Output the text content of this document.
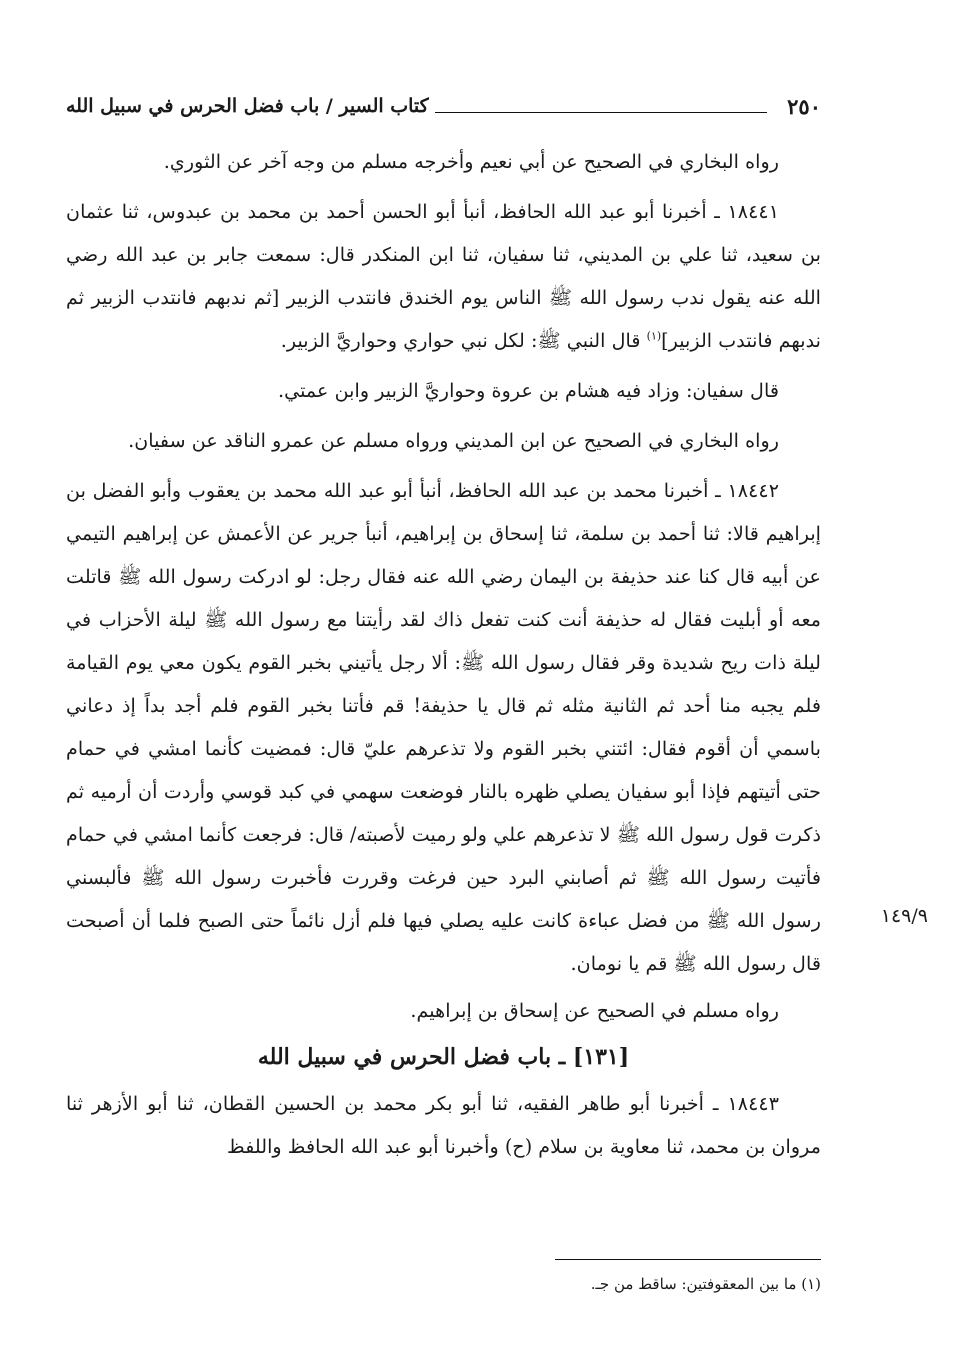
٢٥٠
كتاب السير / باب فضل الحرس في سبيل الله

رواه البخاري في الصحيح عن أبي نعيم وأخرجه مسلم من وجه آخر عن الثوري.

١٨٤٤١ ـ أخبرنا أبو عبد الله الحافظ، أنبأ أبو الحسن أحمد بن محمد بن عبدوس، ثنا عثمان بن سعيد، ثنا علي بن المديني، ثنا سفيان، ثنا ابن المنكدر قال: سمعت جابر بن عبد الله رضي الله عنه يقول ندب رسول الله ﷺ الناس يوم الخندق فانتدب الزبير [ثم ندبهم فانتدب الزبير ثم ندبهم فانتدب الزبير]$^{(١)}$ قال النبي ﷺ: لكل نبي حواري وحواريَّ الزبير.

قال سفيان: وزاد فيه هشام بن عروة وحواريَّ الزبير وابن عمتي.

رواه البخاري في الصحيح عن ابن المديني ورواه مسلم عن عمرو الناقد عن سفيان.

١٨٤٤٢ ـ أخبرنا محمد بن عبد الله الحافظ، أنبأ أبو عبد الله محمد بن يعقوب وأبو الفضل بن إبراهيم قالا: ثنا أحمد بن سلمة، ثنا إسحاق بن إبراهيم، أنبأ جرير عن الأعمش عن إبراهيم التيمي عن أبيه قال كنا عند حذيفة بن اليمان رضي الله عنه فقال رجل: لو ادركت رسول الله ﷺ قاتلت معه أو أبليت فقال له حذيفة أنت كنت تفعل ذاك لقد رأيتنا مع رسول الله ﷺ ليلة الأحزاب في ليلة ذات ريح شديدة وقر فقال رسول الله ﷺ: ألا رجل يأتيني بخبر القوم يكون معي يوم القيامة فلم يجبه منا أحد ثم الثانية مثله ثم قال يا حذيفة! قم فأتنا بخبر القوم فلم أجد بداً إذ دعاني باسمي أن أقوم فقال: ائتني بخبر القوم ولا تذعرهم عليّ قال: فمضيت كأنما امشي في حمام حتى أتيتهم فإذا أبو سفيان يصلي ظهره بالنار فوضعت سهمي في كبد قوسي وأردت أن أرميه ثم ذكرت قول رسول الله ﷺ لا تذعرهم علي ولو رميت لأصبته/ قال: فرجعت كأنما امشي في حمام فأتيت رسول الله ﷺ ثم أصابني البرد حين فرغت وقررت فأخبرت رسول الله ﷺ فألبسني رسول الله ﷺ من فضل عباءة كانت عليه يصلي فيها فلم أزل نائماً حتى الصبح فلما أن أصبحت قال رسول الله ﷺ قم يا نومان.

رواه مسلم في الصحيح عن إسحاق بن إبراهيم.

[١٣١] ـ باب فضل الحرس في سبيل الله

١٨٤٤٣ ـ أخبرنا أبو طاهر الفقيه، ثنا أبو بكر محمد بن الحسين القطان، ثنا أبو الأزهر ثنا مروان بن محمد، ثنا معاوية بن سلام (ح) وأخبرنا أبو عبد الله الحافظ واللفظ

١٤٩/٩
(١) ما بين المعقوفتين: ساقط من جـ.
